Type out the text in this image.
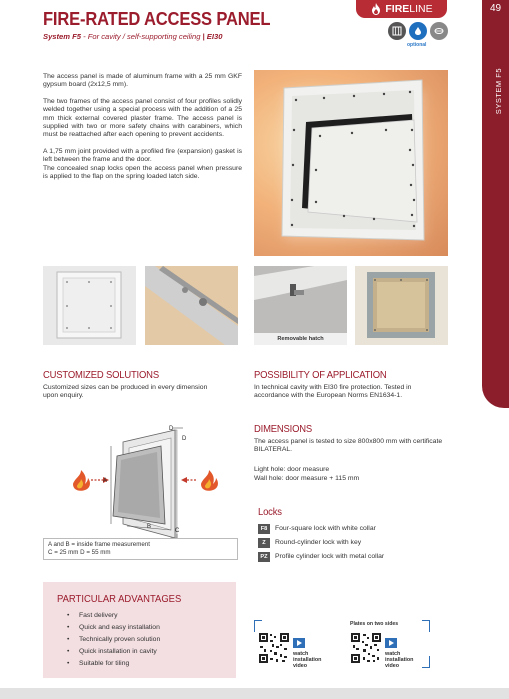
FIRE-RATED ACCESS PANEL
System F5 - For cavity / self-supporting ceiling | EI30
FIRE LINE
optional
49
SYSTEM F5

The access panel is made of aluminum frame with a 25 mm GKF gypsum board (2x12,5 mm).

The two frames of the access panel consist of four profiles solidly welded together using a special process with the addition of a 25 mm thick external covered plaster frame. The access panel is supplied with two or more safety chains with carabiners, which must be reattached after each opening to prevent accidents.

A 1,75 mm joint provided with a profiled fire (expansion) gasket is left between the frame and the door.

The concealed snap locks open the access panel when pressure is applied to the flap on the spring loaded latch side.

Removable hatch
CUSTOMIZED SOLUTIONS
Customized sizes can be produced in every dimension upon enquiry.
POSSIBILITY OF APPLICATION
In technical cavity with EI30 fire protection. Tested in accordance with the European Norms EN1634-1.
DIMENSIONS
The access panel is tested to size 800x800 mm with certificate BILATERAL.
Light hole: door measure
Wall hole: door measure + 115 mm
A
B
C
D
D
A and B = inside frame measurement
C = 25 mm D = 55 mm
Locks
F8	Four-square lock with white collar
Z	Round-cylinder lock with key
PZ	Profile cylinder lock with metal collar
PARTICULAR ADVANTAGES
• Fast delivery
• Quick and easy installation
• Technically proven solution
• Quick installation in cavity
• Suitable for tiling
watch
installation
video
Plates on two sides
watch
installation
video
